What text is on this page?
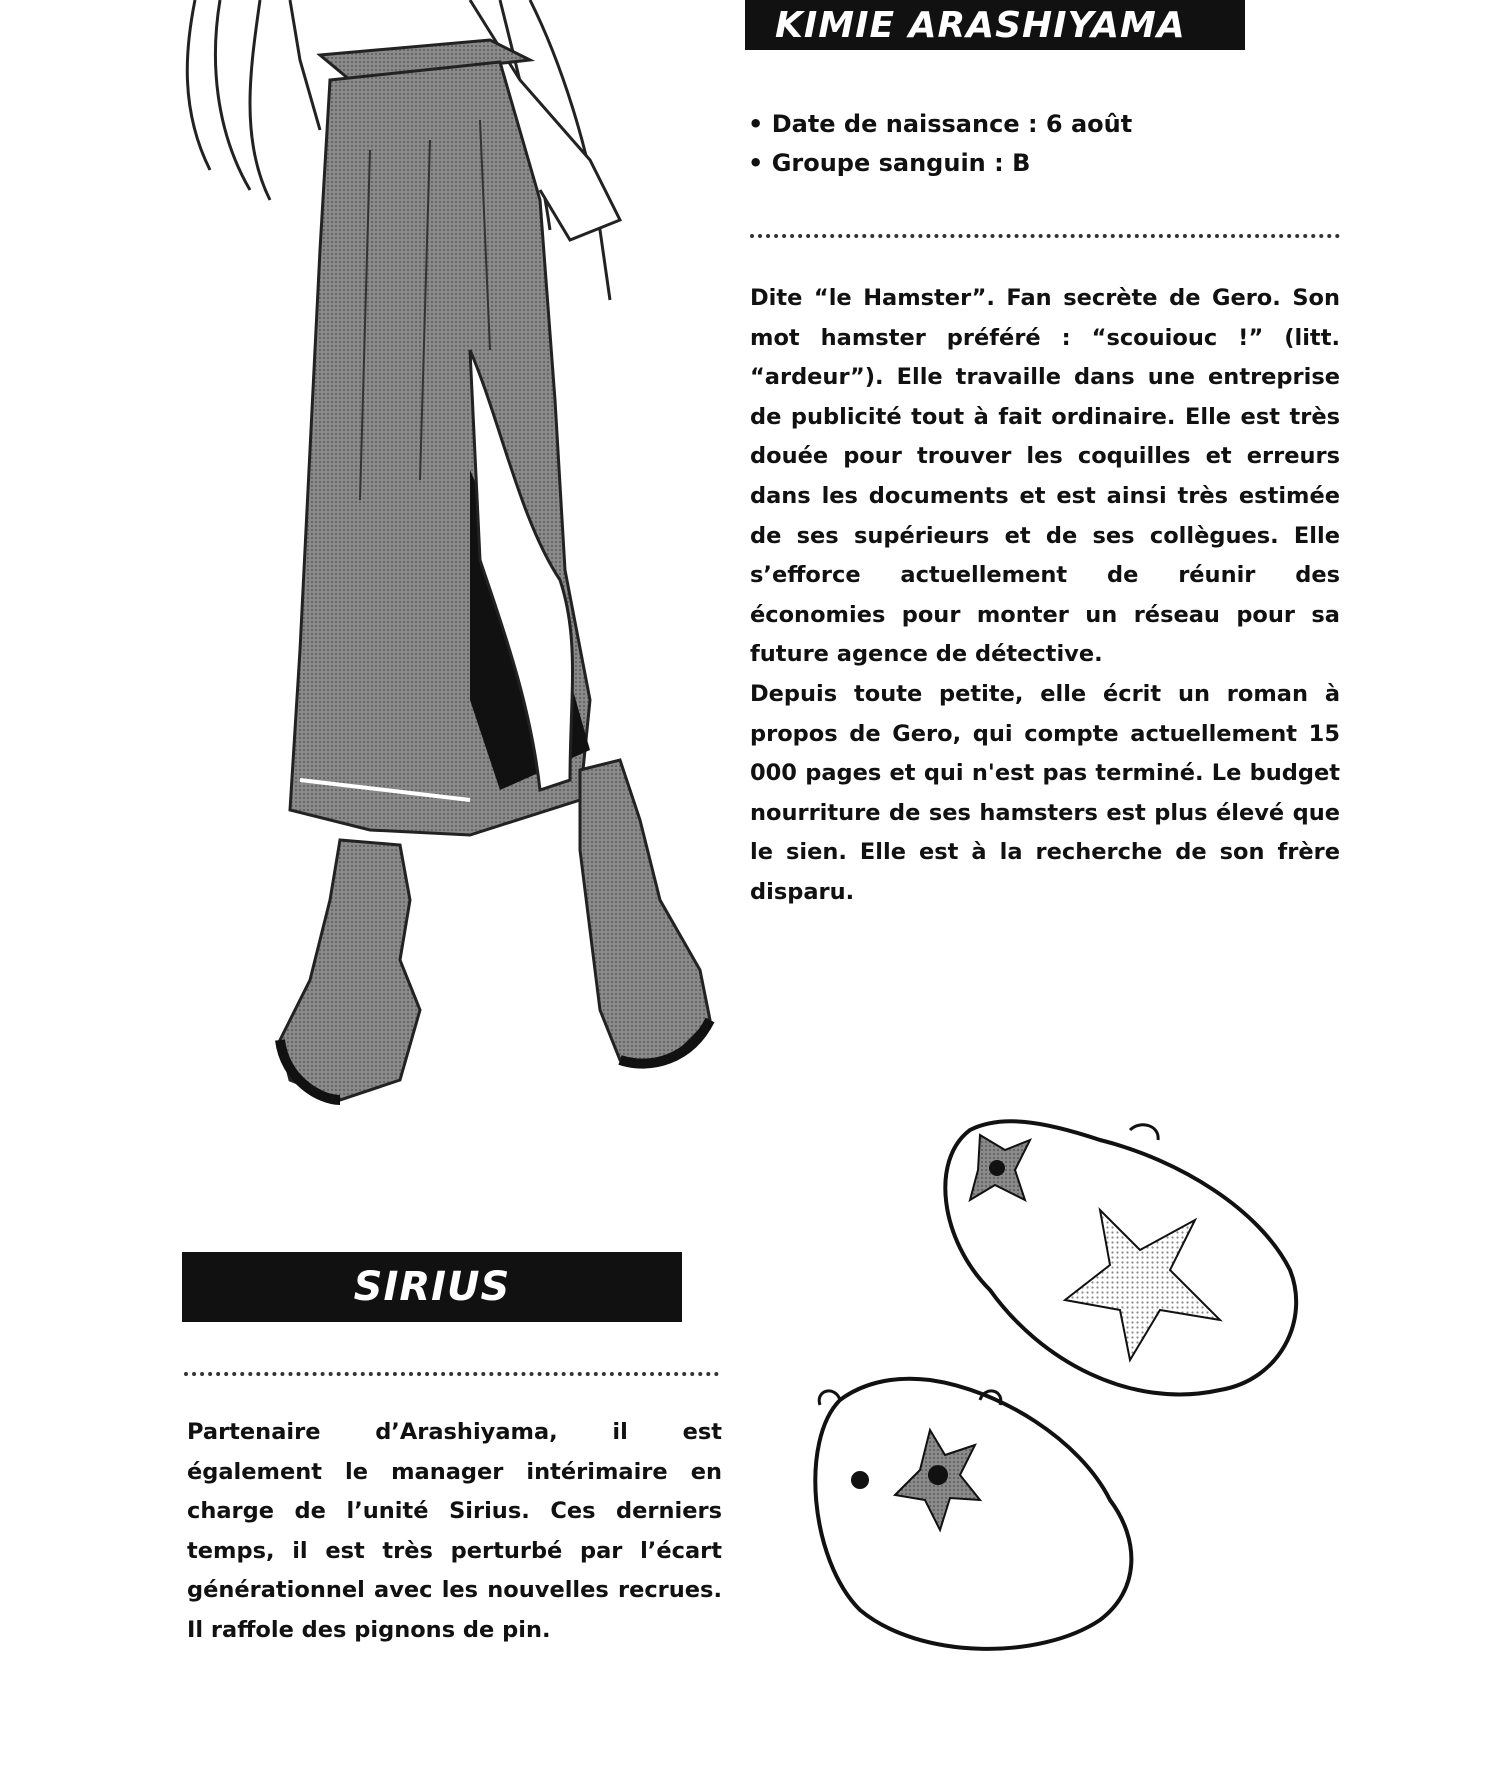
KIMIE ARASHIYAMA
• Date de naissance : 6 août
• Groupe sanguin : B

Dite “le Hamster”. Fan secrète de Gero. Son mot hamster préféré : “scouiouc !” (litt. “ardeur”). Elle travaille dans une entreprise de publicité tout à fait ordinaire. Elle est très douée pour trouver les coquilles et erreurs dans les documents et est ainsi très estimée de ses supérieurs et de ses collègues. Elle s’efforce actuellement de réunir des économies pour monter un réseau pour sa future agence de détective.

Depuis toute petite, elle écrit un roman à propos de Gero, qui compte actuellement 15 000 pages et qui n'est pas terminé. Le budget nourriture de ses hamsters est plus élevé que le sien. Elle est à la recherche de son frère disparu.

SIRIUS

Partenaire d’Arashiyama, il est également le manager intérimaire en charge de l’unité Sirius. Ces derniers temps, il est très perturbé par l’écart générationnel avec les nouvelles recrues. Il raffole des pignons de pin.
